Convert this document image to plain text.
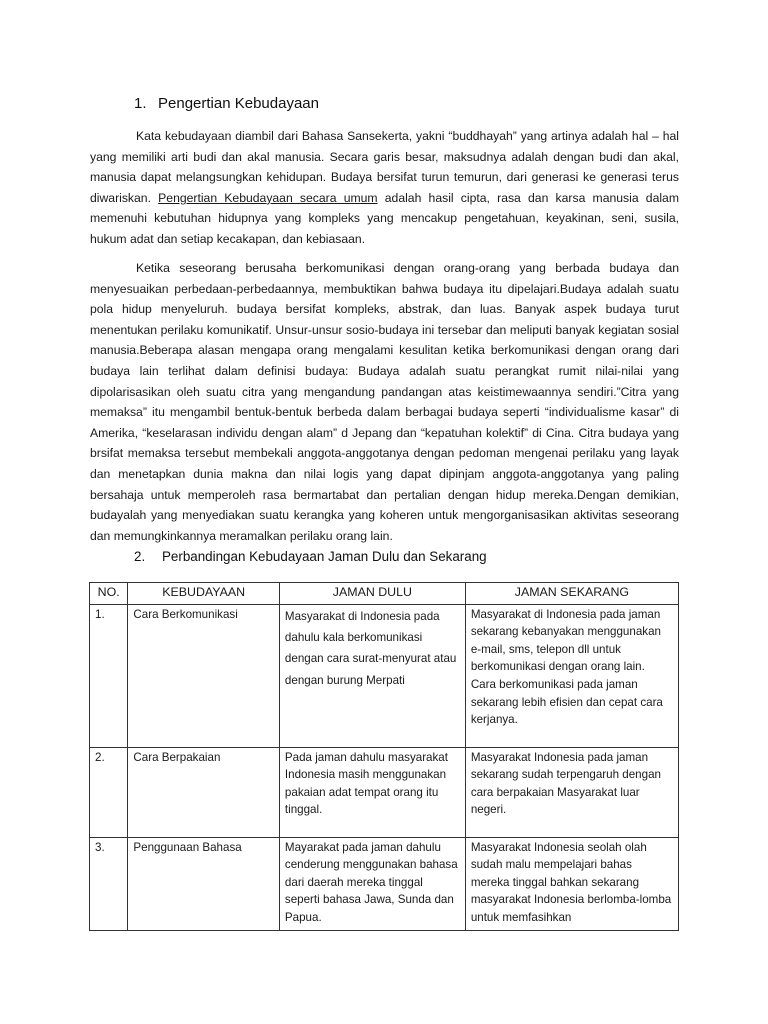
1. Pengertian Kebudayaan

Kata kebudayaan diambil dari Bahasa Sansekerta, yakni “buddhayah” yang artinya adalah hal – hal yang memiliki arti budi dan akal manusia. Secara garis besar, maksudnya adalah dengan budi dan akal, manusia dapat melangsungkan kehidupan. Budaya bersifat turun temurun, dari generasi ke generasi terus diwariskan. Pengertian Kebudayaan secara umum adalah hasil cipta, rasa dan karsa manusia dalam memenuhi kebutuhan hidupnya yang kompleks yang mencakup pengetahuan, keyakinan, seni, susila, hukum adat dan setiap kecakapan, dan kebiasaan.

Ketika seseorang berusaha berkomunikasi dengan orang-orang yang berbada budaya dan menyesuaikan perbedaan-perbedaannya, membuktikan bahwa budaya itu dipelajari.Budaya adalah suatu pola hidup menyeluruh. budaya bersifat kompleks, abstrak, dan luas. Banyak aspek budaya turut menentukan perilaku komunikatif. Unsur-unsur sosio-budaya ini tersebar dan meliputi banyak kegiatan sosial manusia.Beberapa alasan mengapa orang mengalami kesulitan ketika berkomunikasi dengan orang dari budaya lain terlihat dalam definisi budaya: Budaya adalah suatu perangkat rumit nilai-nilai yang dipolarisasikan oleh suatu citra yang mengandung pandangan atas keistimewaannya sendiri.”Citra yang memaksa” itu mengambil bentuk-bentuk berbeda dalam berbagai budaya seperti “individualisme kasar” di Amerika, “keselarasan individu dengan alam” d Jepang dan “kepatuhan kolektif” di Cina. Citra budaya yang brsifat memaksa tersebut membekali anggota-anggotanya dengan pedoman mengenai perilaku yang layak dan menetapkan dunia makna dan nilai logis yang dapat dipinjam anggota-anggotanya yang paling bersahaja untuk memperoleh rasa bermartabat dan pertalian dengan hidup mereka.Dengan demikian, budayalah yang menyediakan suatu kerangka yang koheren untuk mengorganisasikan aktivitas seseorang dan memungkinkannya meramalkan perilaku orang lain.

2. Perbandingan Kebudayaan Jaman Dulu dan Sekarang
NO.	KEBUDAYAAN	JAMAN DULU	JAMAN SEKARANG
1.	Cara Berkomunikasi	Masyarakat di Indonesia pada dahulu kala berkomunikasi dengan cara surat-menyurat atau dengan burung Merpati	Masyarakat di Indonesia pada jaman sekarang kebanyakan menggunakan e-mail, sms, telepon dll untuk berkomunikasi dengan orang lain. Cara berkomunikasi pada jaman sekarang lebih efisien dan cepat cara kerjanya.
2.	Cara Berpakaian	Pada jaman dahulu masyarakat Indonesia masih menggunakan pakaian adat tempat orang itu tinggal.	Masyarakat Indonesia pada jaman sekarang sudah terpengaruh dengan cara berpakaian Masyarakat luar negeri.
3.	Penggunaan Bahasa	Mayarakat pada jaman dahulu cenderung menggunakan bahasa dari daerah mereka tinggal seperti bahasa Jawa, Sunda dan Papua.	Masyarakat Indonesia seolah olah sudah malu mempelajari bahas mereka tinggal bahkan sekarang masyarakat Indonesia berlomba-lomba untuk memfasihkan
